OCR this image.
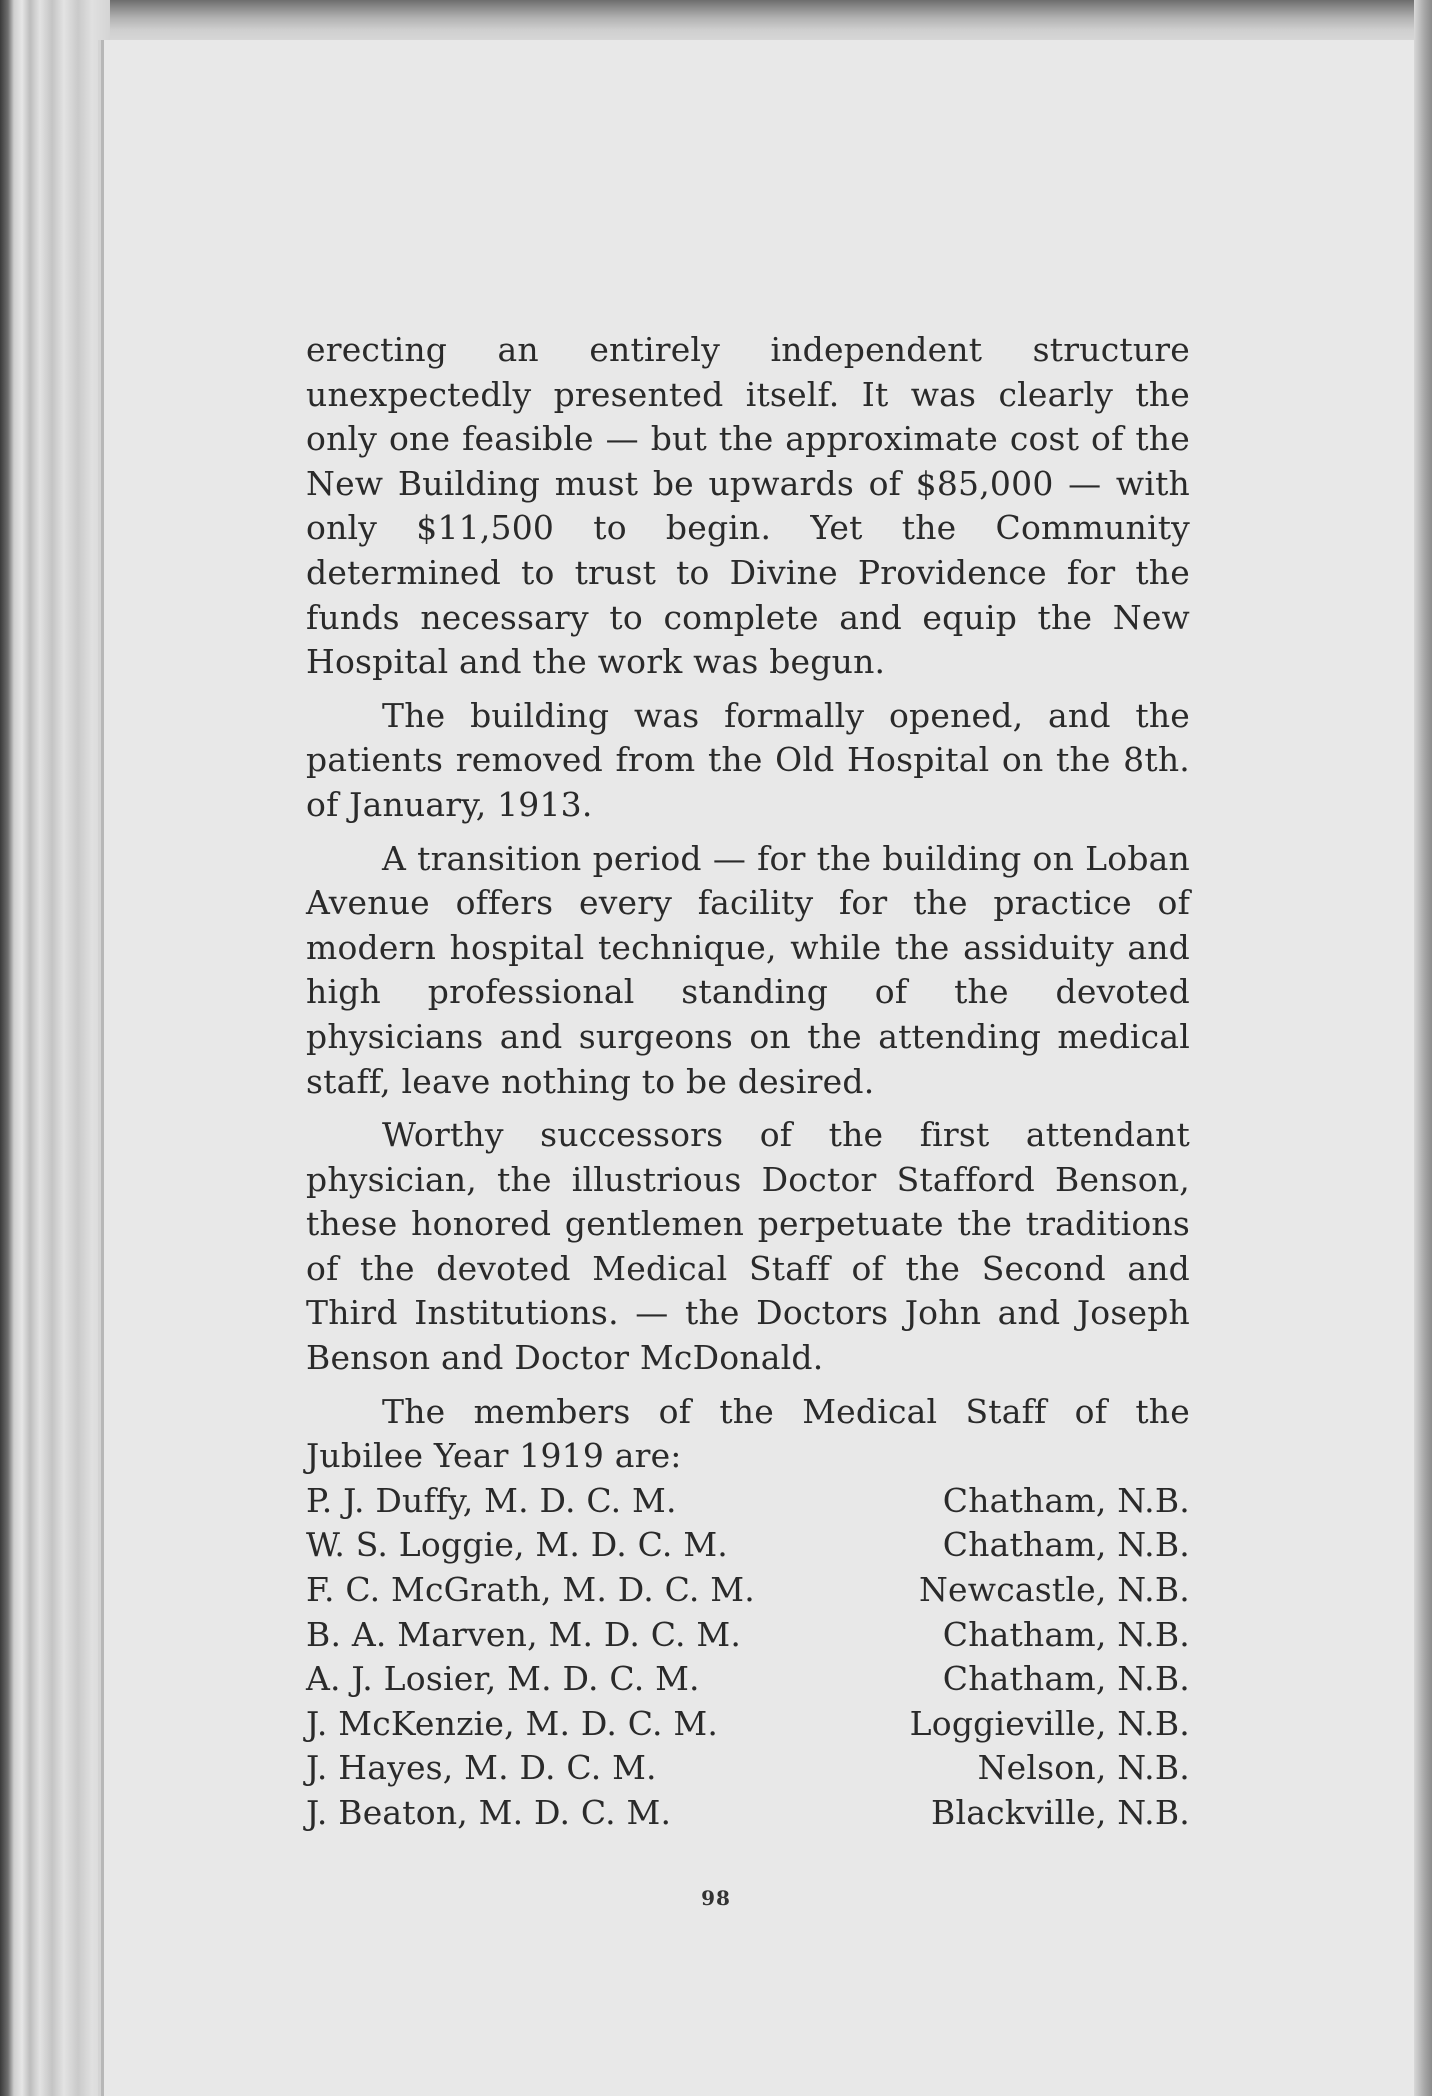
erecting an entirely independent structure unexpectedly presented itself. It was clearly the only one feasible — but the approximate cost of the New Building must be upwards of $85,000 — with only $11,500 to begin. Yet the Community determined to trust to Divine Providence for the funds necessary to complete and equip the New Hospital and the work was begun.

The building was formally opened, and the patients removed from the Old Hospital on the 8th. of January, 1913.

A transition period — for the building on Loban Avenue offers every facility for the practice of modern hospital technique, while the assiduity and high professional standing of the devoted physicians and surgeons on the attending medical staff, leave nothing to be desired.

Worthy successors of the first attendant physician, the illustrious Doctor Stafford Benson, these honored gentlemen perpetuate the traditions of the devoted Medical Staff of the Second and Third Institutions. — the Doctors John and Joseph Benson and Doctor McDonald.

The members of the Medical Staff of the Jubilee Year 1919 are:

P. J. Duffy, M. D. C. M.	Chatham, N.B.
W. S. Loggie, M. D. C. M.	Chatham, N.B.
F. C. McGrath, M. D. C. M.	Newcastle, N.B.
B. A. Marven, M. D. C. M.	Chatham, N.B.
A. J. Losier, M. D. C. M.	Chatham, N.B.
J. McKenzie, M. D. C. M.	Loggieville, N.B.
J. Hayes, M. D. C. M.	Nelson, N.B.
J. Beaton, M. D. C. M.	Blackville, N.B.
98
